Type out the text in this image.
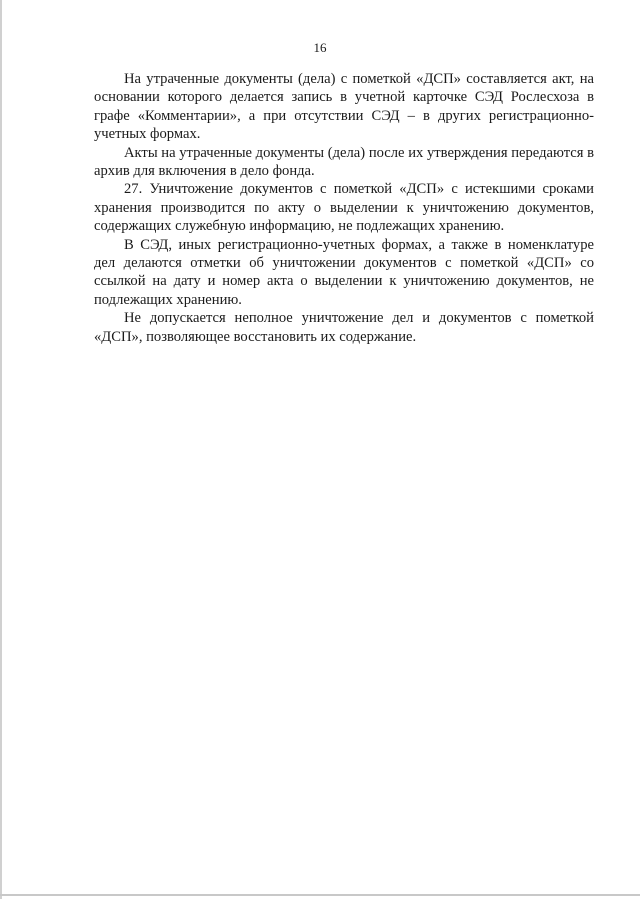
16

На утраченные документы (дела) с пометкой «ДСП» составляется акт, на основании которого делается запись в учетной карточке СЭД Рослесхоза в графе «Комментарии», а при отсутствии СЭД – в других регистрационно-учетных формах.

Акты на утраченные документы (дела) после их утверждения передаются в архив для включения в дело фонда.

27. Уничтожение документов с пометкой «ДСП» с истекшими сроками хранения производится по акту о выделении к уничтожению документов, содержащих служебную информацию, не подлежащих хранению.

В СЭД, иных регистрационно-учетных формах, а также в номенклатуре дел делаются отметки об уничтожении документов с пометкой «ДСП» со ссылкой на дату и номер акта о выделении к уничтожению документов, не подлежащих хранению.

Не допускается неполное уничтожение дел и документов с пометкой «ДСП», позволяющее восстановить их содержание.
